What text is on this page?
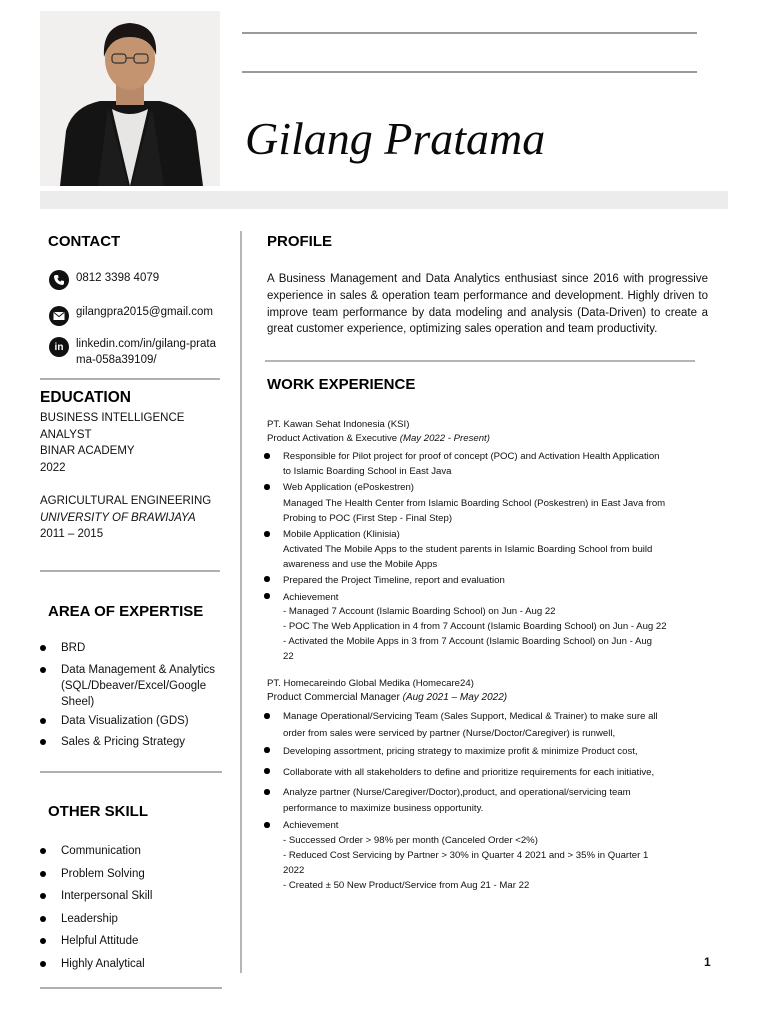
Gilang Pratama
CONTACT
0812 3398 4079
gilangpra2015@gmail.com
in linkedin.com/in/gilang-prata
ma-058a39109/
EDUCATION
BUSINESS INTELLIGENCE
ANALYST
BINAR ACADEMY
2022
AGRICULTURAL ENGINEERING
UNIVERSITY OF BRAWIJAYA
2011 – 2015
AREA OF EXPERTISE
BRD
Data Management & Analytics
(SQL/Dbeaver/Excel/Google
Sheel)
Data Visualization (GDS)
Sales & Pricing Strategy
OTHER SKILL
Communication
Problem Solving
Interpersonal Skill
Leadership
Helpful Attitude
Highly Analytical
PROFILE
A Business Management and Data Analytics enthusiast since 2016 with progressive experience in sales & operation team performance and development. Highly driven to improve team performance by data modeling and analysis (Data-Driven) to create a great customer experience, optimizing sales operation and team productivity.
WORK EXPERIENCE
PT. Kawan Sehat Indonesia (KSI)
Product Activation & Executive (May 2022 - Present)
Responsible for Pilot project for proof of concept (POC) and Activation Health Application
to Islamic Boarding School in East Java
Web Application (ePoskestren)
Managed The Health Center from Islamic Boarding School (Poskestren) in East Java from
Probing to POC (First Step - Final Step)
Mobile Application (Klinisia)
Activated The Mobile Apps to the student parents in Islamic Boarding School from build
awareness and use the Mobile Apps
Prepared the Project Timeline, report and evaluation
Achievement
- Managed 7 Account (Islamic Boarding School) on Jun - Aug 22
- POC The Web Application in 4 from 7 Account (Islamic Boarding School) on Jun - Aug 22
- Activated the Mobile Apps in 3 from 7 Account (Islamic Boarding School) on Jun - Aug
22
PT. Homecareindo Global Medika (Homecare24)
Product Commercial Manager (Aug 2021 – May 2022)
Manage Operational/Servicing Team (Sales Support, Medical & Trainer) to make sure all
order from sales were serviced by partner (Nurse/Doctor/Caregiver) is runwell,
Developing assortment, pricing strategy to maximize profit & minimize Product cost,
Collaborate with all stakeholders to define and prioritize requirements for each initiative,
Analyze partner (Nurse/Caregiver/Doctor),product, and operational/servicing team
performance to maximize business opportunity.
Achievement
- Successed Order > 98% per month (Canceled Order <2%)
- Reduced Cost Servicing by Partner > 30% in Quarter 4 2021 and > 35% in Quarter 1
2022
- Created ± 50 New Product/Service from Aug 21 - Mar 22
1
